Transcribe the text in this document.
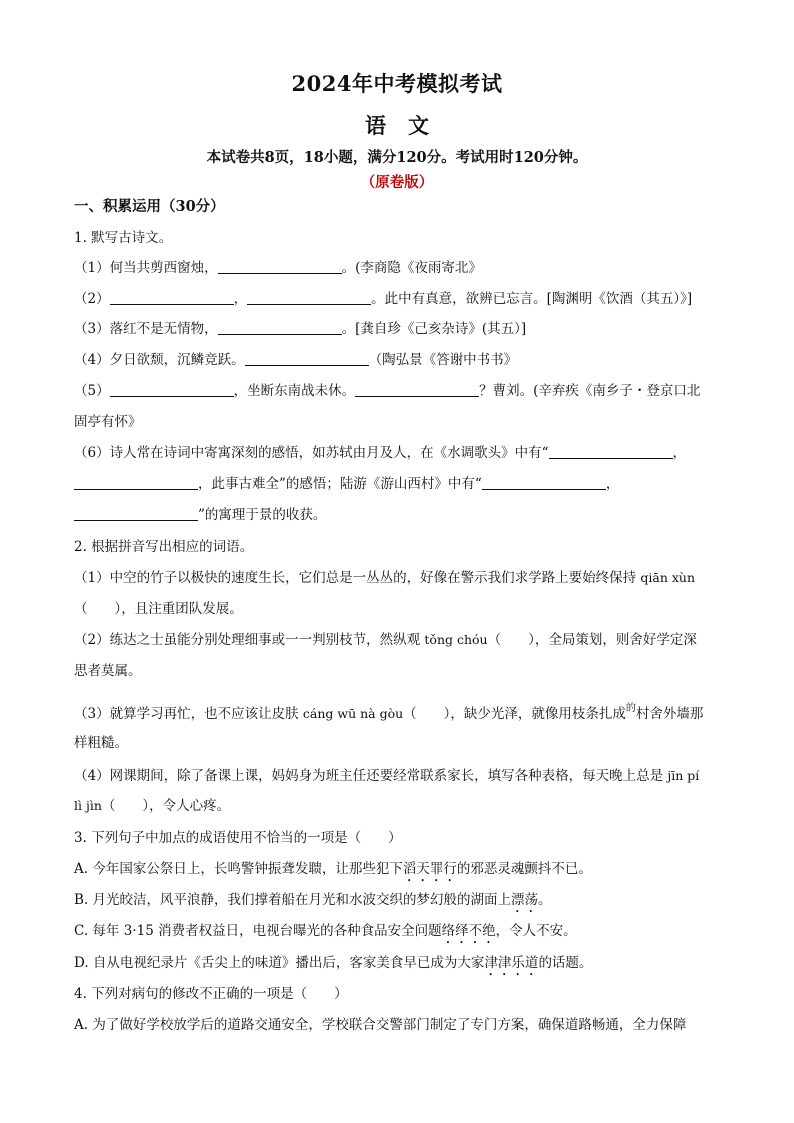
2024年中考模拟考试
语文
本试卷共8页，18小题，满分120分。考试用时120分钟。
（原卷版）
一、积累运用（30分）
1. 默写古诗文。
（1）何当共剪西窗烛，	。(李商隐《夜雨寄北》
（2）	，	。此中有真意，欲辨已忘言。[陶渊明《饮酒（其五）》]
（3）落红不是无情物，	。[龚自珍《己亥杂诗》(其五）]
（4）夕日欲颓，沉鳞竞跃。	（陶弘景《答谢中书书》
（5）	，坐断东南战未休。	？曹刘。(辛弃疾《南乡子・登京口北
固亭有怀》
（6）诗人常在诗词中寄寓深刻的感悟，如苏轼由月及人，在《水调歌头》中有“	，
，此事古难全”的感悟；陆游《游山西村》中有“	，
”的寓理于景的收获。
2. 根据拼音写出相应的词语。
（1）中空的竹子以极快的速度生长，它们总是一丛丛的，好像在警示我们求学路上要始终保持 qiān xùn
（　　），且注重团队发展。
（2）练达之士虽能分别处理细事或一一判别枝节，然纵观 tǒng chóu（　　），全局策划，则舍好学定深
思者莫属。
（3）就算学习再忙，也不应该让皮肤 cáng wū nà gòu（　　），缺少光泽，就像用枝条扎成$^的$村舍外墙那
样粗糙。
（4）网课期间，除了备课上课，妈妈身为班主任还要经常联系家长，填写各种表格，每天晚上总是 jīn pí
lì jìn（　　），令人心疼。
3. 下列句子中加点的成语使用不恰当的一项是（　　）
A. 今年国家公祭日上，长鸣警钟振聋发聩，让那些犯下滔天罪行的邪恶灵魂颤抖不已。
B. 月光皎洁，风平浪静，我们撑着船在月光和水波交织的梦幻般的湖面上漂荡。
C. 每年 3·15 消费者权益日，电视台曝光的各种食品安全问题络绎不绝，令人不安。
D. 自从电视纪录片《舌尖上的味道》播出后，客家美食早已成为大家津津乐道的话题。
4. 下列对病句的修改不正确的一项是（　　）
A. 为了做好学校放学后的道路交通安全，学校联合交警部门制定了专门方案，确保道路畅通，全力保障
